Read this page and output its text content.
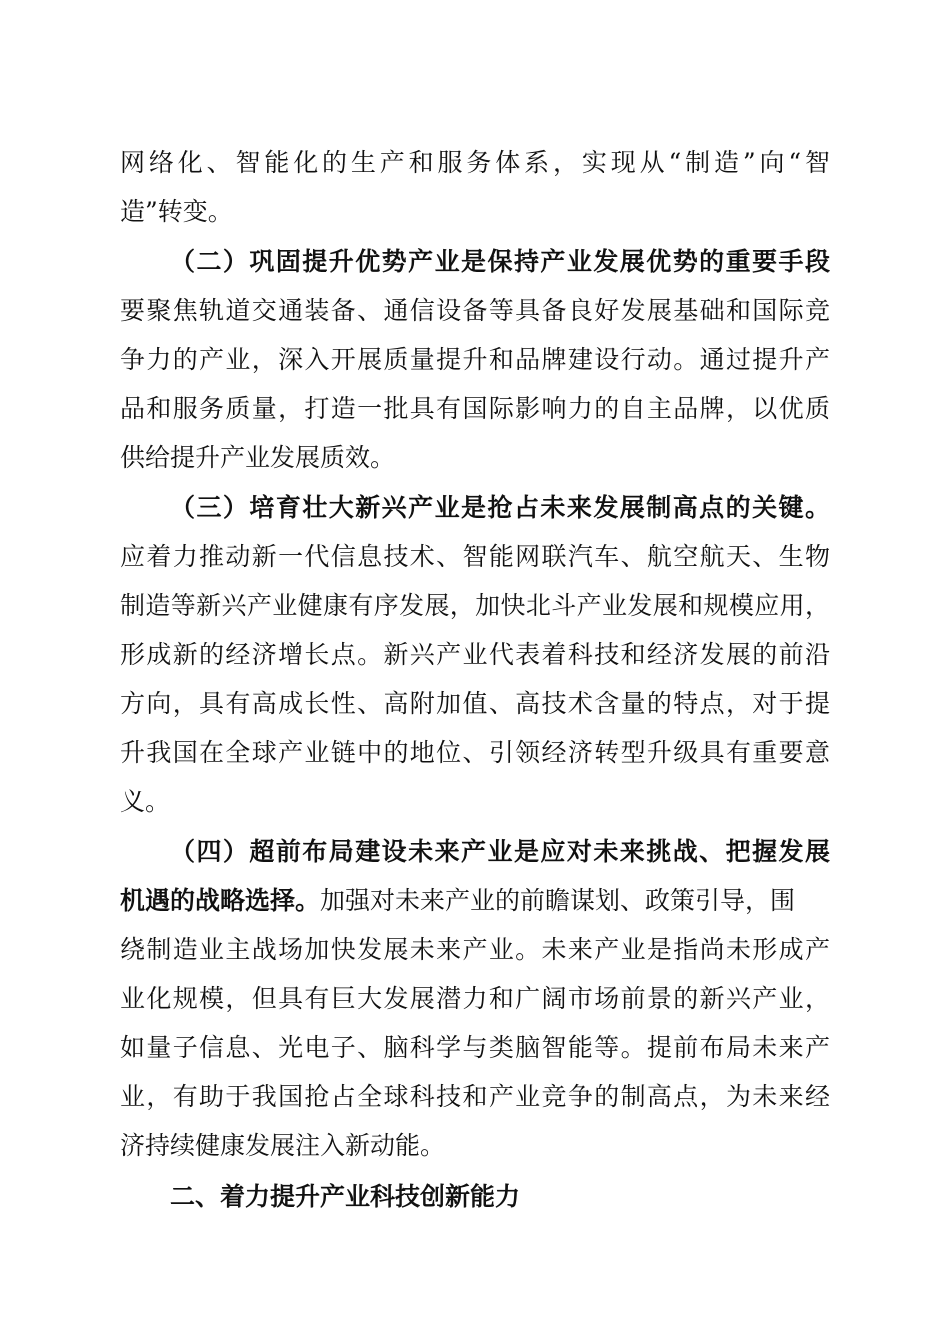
网络化、智能化的生产和服务体系，实现从“制造”向“智
造”转变。
（二）巩固提升优势产业是保持产业发展优势的重要手段
要聚焦轨道交通装备、通信设备等具备良好发展基础和国际竞
争力的产业，深入开展质量提升和品牌建设行动。通过提升产
品和服务质量，打造一批具有国际影响力的自主品牌，以优质
供给提升产业发展质效。
（三）培育壮大新兴产业是抢占未来发展制高点的关键。
应着力推动新一代信息技术、智能网联汽车、航空航天、生物
制造等新兴产业健康有序发展，加快北斗产业发展和规模应用，
形成新的经济增长点。新兴产业代表着科技和经济发展的前沿
方向，具有高成长性、高附加值、高技术含量的特点，对于提
升我国在全球产业链中的地位、引领经济转型升级具有重要意
义。
（四）超前布局建设未来产业是应对未来挑战、把握发展
机遇的战略选择。加强对未来产业的前瞻谋划、政策引导，围
绕制造业主战场加快发展未来产业。未来产业是指尚未形成产
业化规模，但具有巨大发展潜力和广阔市场前景的新兴产业，
如量子信息、光电子、脑科学与类脑智能等。提前布局未来产
业，有助于我国抢占全球科技和产业竞争的制高点，为未来经
济持续健康发展注入新动能。
二、着力提升产业科技创新能力
